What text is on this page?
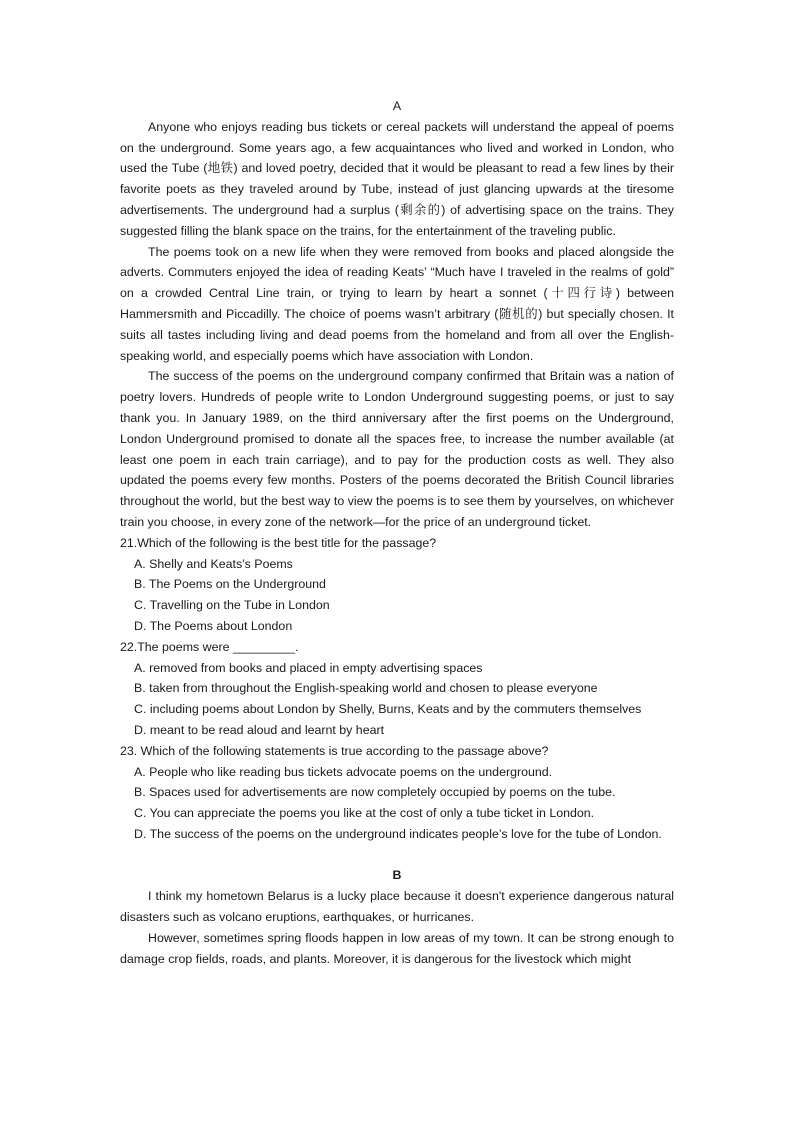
A

Anyone who enjoys reading bus tickets or cereal packets will understand the appeal of poems on the underground. Some years ago, a few acquaintances who lived and worked in London, who used the Tube (地铁) and loved poetry, decided that it would be pleasant to read a few lines by their favorite poets as they traveled around by Tube, instead of just glancing upwards at the tiresome advertisements. The underground had a surplus (剩余的) of advertising space on the trains. They suggested filling the blank space on the trains, for the entertainment of the traveling public.

The poems took on a new life when they were removed from books and placed alongside the adverts. Commuters enjoyed the idea of reading Keats’ “Much have I traveled in the realms of gold” on a crowded Central Line train, or trying to learn by heart a sonnet (十四行诗) between Hammersmith and Piccadilly. The choice of poems wasn’t arbitrary (随机的) but specially chosen. It suits all tastes including living and dead poems from the homeland and from all over the English-speaking world, and especially poems which have association with London.

The success of the poems on the underground company confirmed that Britain was a nation of poetry lovers. Hundreds of people write to London Underground suggesting poems, or just to say thank you. In January 1989, on the third anniversary after the first poems on the Underground, London Underground promised to donate all the spaces free, to increase the number available (at least one poem in each train carriage), and to pay for the production costs as well. They also updated the poems every few months. Posters of the poems decorated the British Council libraries throughout the world, but the best way to view the poems is to see them by yourselves, on whichever train you choose, in every zone of the network—for the price of an underground ticket.

21.Which of the following is the best title for the passage?

A. Shelly and Keats’s Poems

B. The Poems on the Underground

C. Travelling on the Tube in London

D. The Poems about London

22.The poems were _________.

A. removed from books and placed in empty advertising spaces

B. taken from throughout the English-speaking world and chosen to please everyone

C. including poems about London by Shelly, Burns, Keats and by the commuters themselves

D. meant to be read aloud and learnt by heart

23. Which of the following statements is true according to the passage above?

A. People who like reading bus tickets advocate poems on the underground.

B. Spaces used for advertisements are now completely occupied by poems on the tube.

C. You can appreciate the poems you like at the cost of only a tube ticket in London.

D. The success of the poems on the underground indicates people’s love for the tube of London.

B

I think my hometown Belarus is a lucky place because it doesn't experience dangerous natural disasters such as volcano eruptions, earthquakes, or hurricanes.

However, sometimes spring floods happen in low areas of my town. It can be strong enough to damage crop fields, roads, and plants. Moreover, it is dangerous for the livestock which might
